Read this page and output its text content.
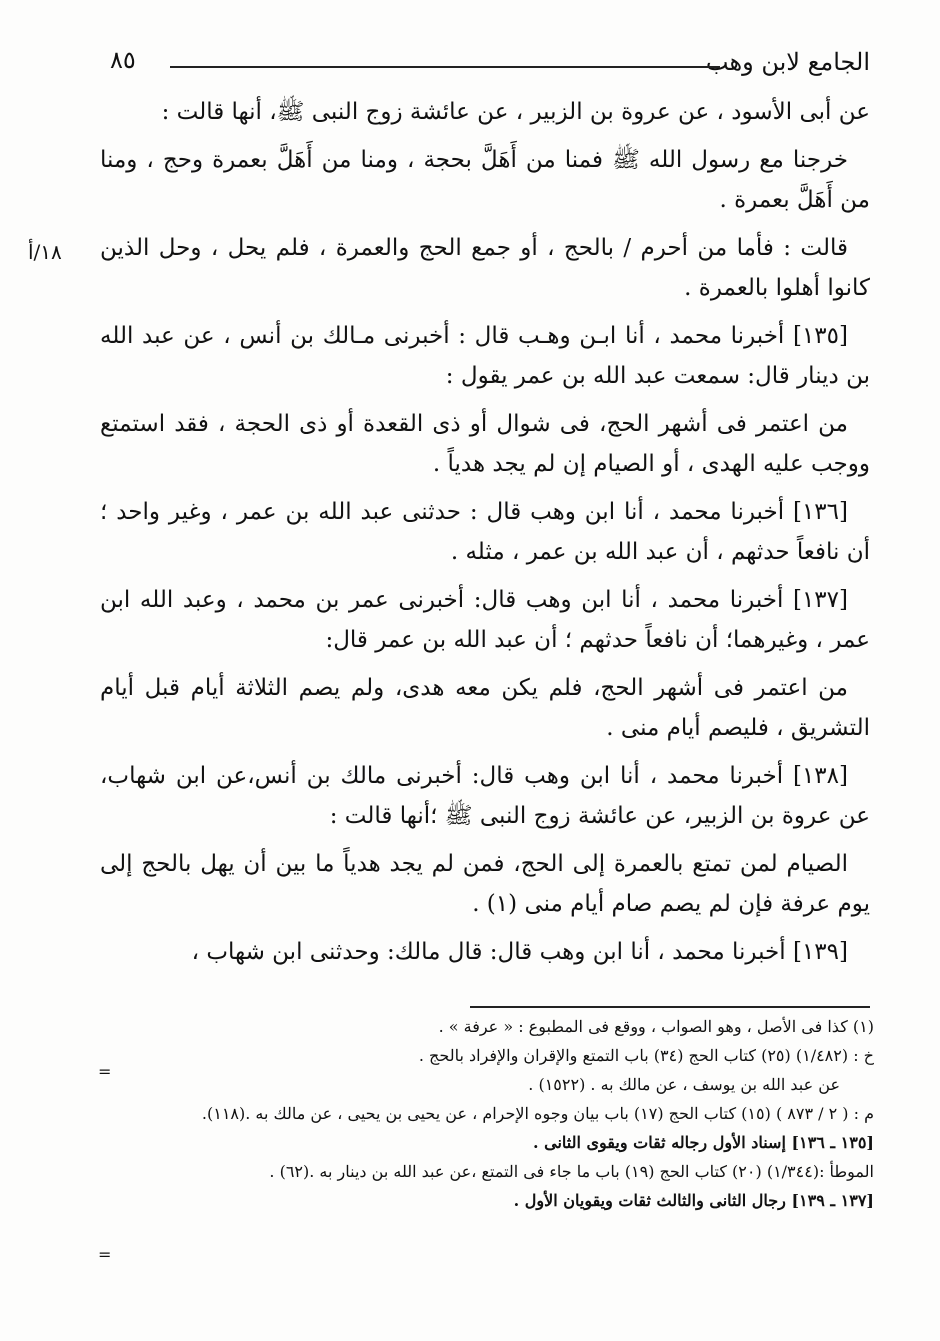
الجامع لابن وهب
٨٥
١٨/أ

عن أبى الأسود ، عن عروة بن الزبير ، عن عائشة زوج النبى ﷺ، أنها قالت :

خرجنا مع رسول الله ﷺ فمنا من أَهَلَّ بحجة ، ومنا من أَهَلَّ بعمرة وحج ، ومنا من أَهَلَّ بعمرة .

قالت : فأما من أحرم / بالحج ، أو جمع الحج والعمرة ، فلم يحل ، وحل الذين كانوا أهلوا بالعمرة .

[١٣٥] أخبرنا محمد ، أنا ابـن وهـب قال : أخبرنى مـالك بن أنس ، عن عبد الله بن دينار قال: سمعت عبد الله بن عمر يقول :

من اعتمر فى أشهر الحج، فى شوال أو ذى القعدة أو ذى الحجة ، فقد استمتع ووجب عليه الهدى ، أو الصيام إن لم يجد هدياً .

[١٣٦] أخبرنا محمد ، أنا ابن وهب قال : حدثنى عبد الله بن عمر ، وغير واحد ؛ أن نافعاً حدثهم ، أن عبد الله بن عمر ، مثله .

[١٣٧] أخبرنا محمد ، أنا ابن وهب قال: أخبرنى عمر بن محمد ، وعبد الله ابن عمر ، وغيرهما؛ أن نافعاً حدثهم ؛ أن عبد الله بن عمر قال:

من اعتمر فى أشهر الحج، فلم يكن معه هدى، ولم يصم الثلاثة أيام قبل أيام التشريق ، فليصم أيام منى .

[١٣٨] أخبرنا محمد ، أنا ابن وهب قال: أخبرنى مالك بن أنس،عن ابن شهاب، عن عروة بن الزبير، عن عائشة زوج النبى ﷺ ؛أنها قالت :

الصيام لمن تمتع بالعمرة إلى الحج، فمن لم يجد هدياً ما بين أن يهل بالحج إلى يوم عرفة فإن لم يصم صام أيام منى (١) .

[١٣٩] أخبرنا محمد ، أنا ابن وهب قال: قال مالك: وحدثنى ابن شهاب ،

(١) كذا فى الأصل ، وهو الصواب ، ووقع فى المطبوع : « عرفة » .

خ : (١/٤٨٢) (٢٥) كتاب الحج (٣٤) باب التمتع والإقران والإفراد بالحج .

عن عبد الله بن يوسف ، عن مالك به . (١٥٢٢) .

م : ( ٢ / ٨٧٣ ) (١٥) كتاب الحج (١٧) باب بيان وجوه الإحرام ، عن يحيى بن يحيى ، عن مالك به .(١١٨).

[١٣٥ ـ ١٣٦] إسناد الأول رجاله ثقات ويقوى الثانى .

الموطأ :(١/٣٤٤) (٢٠) كتاب الحج (١٩) باب ما جاء فى التمتع ،عن عبد الله بن دينار به .(٦٢) .

[١٣٧ ـ ١٣٩] رجال الثانى والثالث ثقات ويقويان الأول .

=
=
